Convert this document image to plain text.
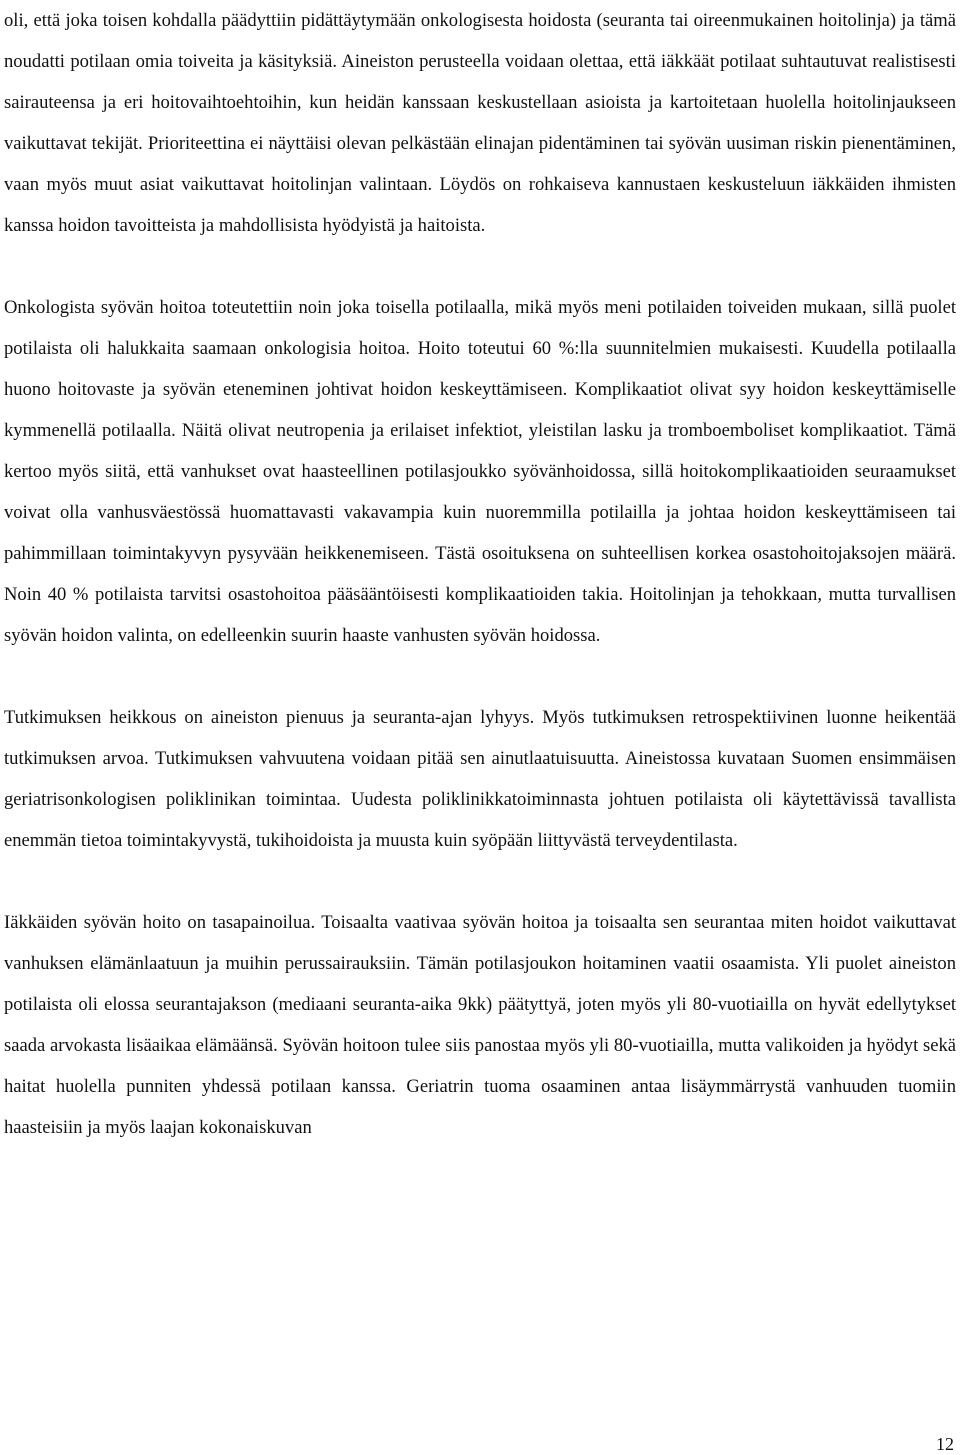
oli, että joka toisen kohdalla päädyttiin pidättäytymään onkologisesta hoidosta (seuranta tai oireenmukainen hoitolinja) ja tämä noudatti potilaan omia toiveita ja käsityksiä. Aineiston perusteella voidaan olettaa, että iäkkäät potilaat suhtautuvat realistisesti sairauteensa ja eri hoitovaihtoehtoihin, kun heidän kanssaan keskustellaan asioista ja kartoitetaan huolella hoitolinjaukseen vaikuttavat tekijät. Prioriteettina ei näyttäisi olevan pelkästään elinajan pidentäminen tai syövän uusiman riskin pienentäminen, vaan myös muut asiat vaikuttavat hoitolinjan valintaan. Löydös on rohkaiseva kannustaen keskusteluun iäkkäiden ihmisten kanssa hoidon tavoitteista ja mahdollisista hyödyistä ja haitoista.

Onkologista syövän hoitoa toteutettiin noin joka toisella potilaalla, mikä myös meni potilaiden toiveiden mukaan, sillä puolet potilaista oli halukkaita saamaan onkologisia hoitoa. Hoito toteutui 60 %:lla suunnitelmien mukaisesti. Kuudella potilaalla huono hoitovaste ja syövän eteneminen johtivat hoidon keskeyttämiseen. Komplikaatiot olivat syy hoidon keskeyttämiselle kymmenellä potilaalla. Näitä olivat neutropenia ja erilaiset infektiot, yleistilan lasku ja tromboemboliset komplikaatiot. Tämä kertoo myös siitä, että vanhukset ovat haasteellinen potilasjoukko syövänhoidossa, sillä hoitokomplikaatioiden seuraamukset voivat olla vanhusväestössä huomattavasti vakavampia kuin nuoremmilla potilailla ja johtaa hoidon keskeyttämiseen tai pahimmillaan toimintakyvyn pysyvään heikkenemiseen. Tästä osoituksena on suhteellisen korkea osastohoitojaksojen määrä. Noin 40 % potilaista tarvitsi osastohoitoa pääsääntöisesti komplikaatioiden takia. Hoitolinjan ja tehokkaan, mutta turvallisen syövän hoidon valinta, on edelleenkin suurin haaste vanhusten syövän hoidossa.

Tutkimuksen heikkous on aineiston pienuus ja seuranta-ajan lyhyys. Myös tutkimuksen retrospektiivinen luonne heikentää tutkimuksen arvoa. Tutkimuksen vahvuutena voidaan pitää sen ainutlaatuisuutta. Aineistossa kuvataan Suomen ensimmäisen geriatrisonkologisen poliklinikan toimintaa. Uudesta poliklinikkatoiminnasta johtuen potilaista oli käytettävissä tavallista enemmän tietoa toimintakyvystä, tukihoidoista ja muusta kuin syöpään liittyvästä terveydentilasta.

Iäkkäiden syövän hoito on tasapainoilua. Toisaalta vaativaa syövän hoitoa ja toisaalta sen seurantaa miten hoidot vaikuttavat vanhuksen elämänlaatuun ja muihin perussairauksiin. Tämän potilasjoukon hoitaminen vaatii osaamista. Yli puolet aineiston potilaista oli elossa seurantajakson (mediaani seuranta-aika 9kk) päätyttyä, joten myös yli 80-vuotiailla on hyvät edellytykset saada arvokasta lisäaikaa elämäänsä. Syövän hoitoon tulee siis panostaa myös yli 80-vuotiailla, mutta valikoiden ja hyödyt sekä haitat huolella punniten yhdessä potilaan kanssa. Geriatrin tuoma osaaminen antaa lisäymmärrystä vanhuuden tuomiin haasteisiin ja myös laajan kokonaiskuvan

12
